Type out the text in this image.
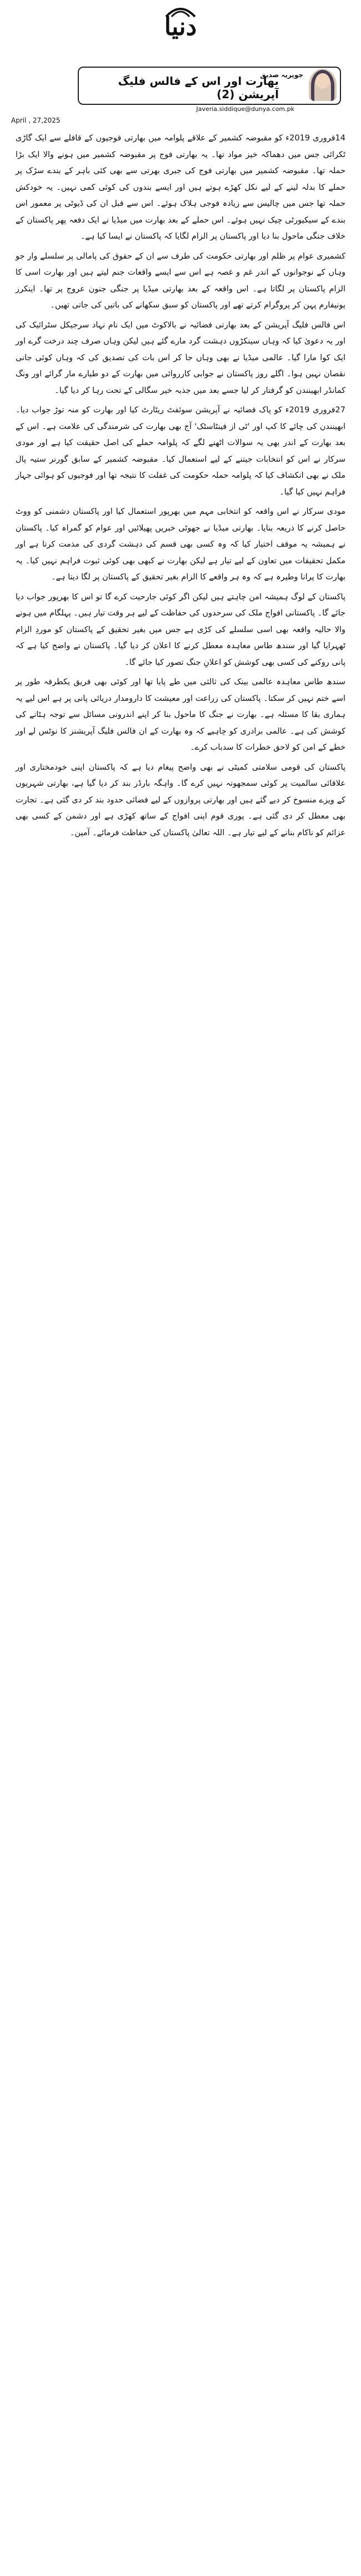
دنیا
بھارت اور اس کے فالس فلیگ آپریشن (2)
جویریہ صدیق
Javeria.siddique@dunya.com.pk
April , 27,2025

14فروری 2019ء کو مقبوضہ کشمیر کے علاقے پلوامہ میں بھارتی فوجیوں کے قافلے سے ایک گاڑی ٹکرائی جس میں دھماکہ خیز مواد تھا۔ یہ بھارتی فوج پر مقبوضہ کشمیر میں ہونے والا ایک بڑا حملہ تھا۔ مقبوضہ کشمیر میں بھارتی فوج کی جبری بھرتی سے بھی کئی باہر کے بندے سڑک پر حملے کا بدلہ لینے کے لیے نکل کھڑے ہوتے ہیں اور ایسے بندوں کی کوئی کمی نہیں۔ یہ خودکش حملہ تھا جس میں چالیس سے زیادہ فوجی ہلاک ہوئے۔ اس سے قبل ان کی ڈیوٹی پر معمور اس بندے کے سیکیورٹی چیک نہیں ہوئے۔ اس حملے کے بعد بھارت میں میڈیا نے ایک دفعہ پھر پاکستان کے خلاف جنگی ماحول بنا دیا اور پاکستان پر الزام لگایا کہ پاکستان نے ایسا کیا ہے۔

کشمیری عوام پر ظلم اور بھارتی حکومت کی طرف سے ان کے حقوق کی پامالی پر سلسلے وار جو وہاں کے نوجوانوں کے اندر غم و غصہ ہے اس سے ایسے واقعات جنم لیتے ہیں اور بھارت اسی کا الزام پاکستان پر لگاتا ہے۔ اس واقعہ کے بعد بھارتی میڈیا پر جنگی جنون عروج پر تھا۔ اینکرز یونیفارم پہن کر پروگرام کرتے تھے اور پاکستان کو سبق سکھانے کی باتیں کی جاتی تھیں۔

اس فالس فلیگ آپریشن کے بعد بھارتی فضائیہ نے بالاکوٹ میں ایک نام نہاد سرجیکل سٹرائیک کی اور یہ دعویٰ کیا کہ وہاں سینکڑوں دہشت گرد مارے گئے ہیں لیکن وہاں صرف چند درخت گرے اور ایک کوا مارا گیا۔ عالمی میڈیا نے بھی وہاں جا کر اس بات کی تصدیق کی کہ وہاں کوئی جانی نقصان نہیں ہوا۔ اگلے روز پاکستان نے جوابی کارروائی میں بھارت کے دو طیارے مار گرائے اور ونگ کمانڈر ابھینندن کو گرفتار کر لیا جسے بعد میں جذبہ خیر سگالی کے تحت رہا کر دیا گیا۔

27فروری 2019ء کو پاک فضائیہ نے آپریشن سوئفٹ ریٹارٹ کیا اور بھارت کو منہ توڑ جواب دیا۔ ابھینندن کی چائے کا کپ اور 'ٹی از فینٹاسٹک' آج بھی بھارت کی شرمندگی کی علامت ہے۔ اس کے بعد بھارت کے اندر بھی یہ سوالات اٹھنے لگے کہ پلوامہ حملے کی اصل حقیقت کیا ہے اور مودی سرکار نے اس کو انتخابات جیتنے کے لیے استعمال کیا۔ مقبوضہ کشمیر کے سابق گورنر ستیہ پال ملک نے بھی انکشاف کیا کہ پلوامہ حملہ حکومت کی غفلت کا نتیجہ تھا اور فوجیوں کو ہوائی جہاز فراہم نہیں کیا گیا۔

مودی سرکار نے اس واقعہ کو انتخابی مہم میں بھرپور استعمال کیا اور پاکستان دشمنی کو ووٹ حاصل کرنے کا ذریعہ بنایا۔ بھارتی میڈیا نے جھوٹی خبریں پھیلائیں اور عوام کو گمراہ کیا۔ پاکستان نے ہمیشہ یہ موقف اختیار کیا کہ وہ کسی بھی قسم کی دہشت گردی کی مذمت کرتا ہے اور مکمل تحقیقات میں تعاون کے لیے تیار ہے لیکن بھارت نے کبھی بھی کوئی ثبوت فراہم نہیں کیا۔ یہ بھارت کا پرانا وطیرہ ہے کہ وہ ہر واقعے کا الزام بغیر تحقیق کے پاکستان پر لگا دیتا ہے۔

پاکستان کے لوگ ہمیشہ امن چاہتے ہیں لیکن اگر کوئی جارحیت کرے گا تو اس کا بھرپور جواب دیا جائے گا۔ پاکستانی افواج ملک کی سرحدوں کی حفاظت کے لیے ہر وقت تیار ہیں۔ پہلگام میں ہونے والا حالیہ واقعہ بھی اسی سلسلے کی کڑی ہے جس میں بغیر تحقیق کے پاکستان کو موردِ الزام ٹھہرایا گیا اور سندھ طاس معاہدہ معطل کرنے کا اعلان کر دیا گیا۔ پاکستان نے واضح کیا ہے کہ پانی روکنے کی کسی بھی کوشش کو اعلانِ جنگ تصور کیا جائے گا۔

سندھ طاس معاہدہ عالمی بینک کی ثالثی میں طے پایا تھا اور کوئی بھی فریق یکطرفہ طور پر اسے ختم نہیں کر سکتا۔ پاکستان کی زراعت اور معیشت کا دارومدار دریائی پانی پر ہے اس لیے یہ ہماری بقا کا مسئلہ ہے۔ بھارت نے جنگ کا ماحول بنا کر اپنے اندرونی مسائل سے توجہ ہٹانے کی کوشش کی ہے۔ عالمی برادری کو چاہیے کہ وہ بھارت کے ان فالس فلیگ آپریشنز کا نوٹس لے اور خطے کے امن کو لاحق خطرات کا سدباب کرے۔

پاکستان کی قومی سلامتی کمیٹی نے بھی واضح پیغام دیا ہے کہ پاکستان اپنی خودمختاری اور علاقائی سالمیت پر کوئی سمجھوتہ نہیں کرے گا۔ واہگہ بارڈر بند کر دیا گیا ہے، بھارتی شہریوں کے ویزے منسوخ کر دیے گئے ہیں اور بھارتی پروازوں کے لیے فضائی حدود بند کر دی گئی ہے۔ تجارت بھی معطل کر دی گئی ہے۔ پوری قوم اپنی افواج کے ساتھ کھڑی ہے اور دشمن کے کسی بھی عزائم کو ناکام بنانے کے لیے تیار ہے۔ اللہ تعالیٰ پاکستان کی حفاظت فرمائے۔ آمین۔
